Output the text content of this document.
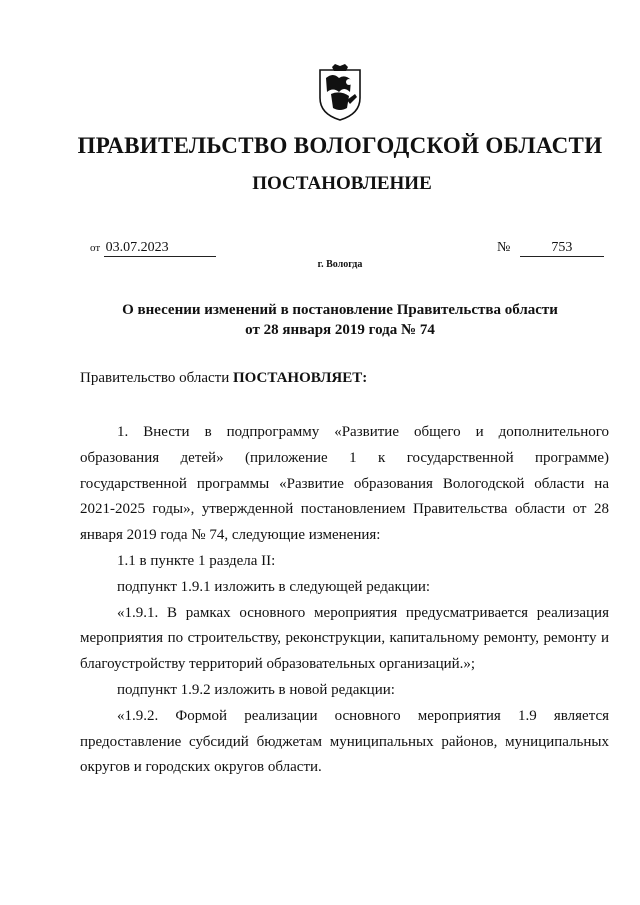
ПРАВИТЕЛЬСТВО ВОЛОГОДСКОЙ ОБЛАСТИ
ПОСТАНОВЛЕНИЕ
от 03.07.2023	№	753
г. Вологда
О внесении изменений в постановление Правительства области
от 28 января 2019 года № 74
Правительство области ПОСТАНОВЛЯЕТ:

1. Внести в подпрограмму «Развитие общего и дополнительного образования детей» (приложение 1 к государственной программе) государственной программы «Развитие образования Вологодской области на 2021-2025 годы», утвержденной постановлением Правительства области от 28 января 2019 года № 74, следующие изменения:

1.1 в пункте 1 раздела II:

подпункт 1.9.1 изложить в следующей редакции:

«1.9.1. В рамках основного мероприятия предусматривается реализация мероприятия по строительству, реконструкции, капитальному ремонту, ремонту и благоустройству территорий образовательных организаций.»;

подпункт 1.9.2 изложить в новой редакции:

«1.9.2. Формой реализации основного мероприятия 1.9 является предоставление субсидий бюджетам муниципальных районов, муниципальных округов и городских округов области.
